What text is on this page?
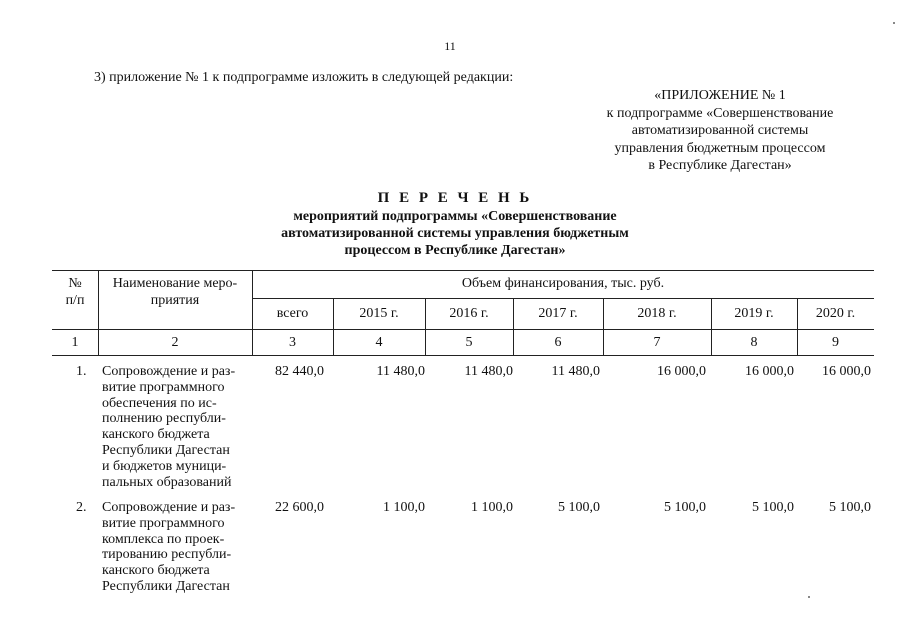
11
3) приложение № 1 к подпрограмме изложить в следующей редакции:
«ПРИЛОЖЕНИЕ № 1
к подпрограмме «Совершенствование
автоматизированной системы
управления бюджетным процессом
в Республике Дагестан»
П Е Р Е Ч Е Н Ь
мероприятий подпрограммы «Совершенствование
автоматизированной системы управления бюджетным
процессом в Республике Дагестан»
№
п/п
Наименование меро-
приятия
Объем финансирования, тыс. руб.
всего	2015 г.	2016 г.	2017 г.	2018 г.	2019 г.	2020 г.
1	2	3	4	5	6	7	8	9
1. Сопровождение и раз-
витие программного
обеспечения по ис-
полнению республи-
канского бюджета
Республики Дагестан
и бюджетов муници-
пальных образований
82 440,0	11 480,0	11 480,0	11 480,0	16 000,0	16 000,0	16 000,0
2. Сопровождение и раз-
витие программного
комплекса по проек-
тированию республи-
канского бюджета
Республики Дагестан
22 600,0	1 100,0	1 100,0	5 100,0	5 100,0	5 100,0	5 100,0
